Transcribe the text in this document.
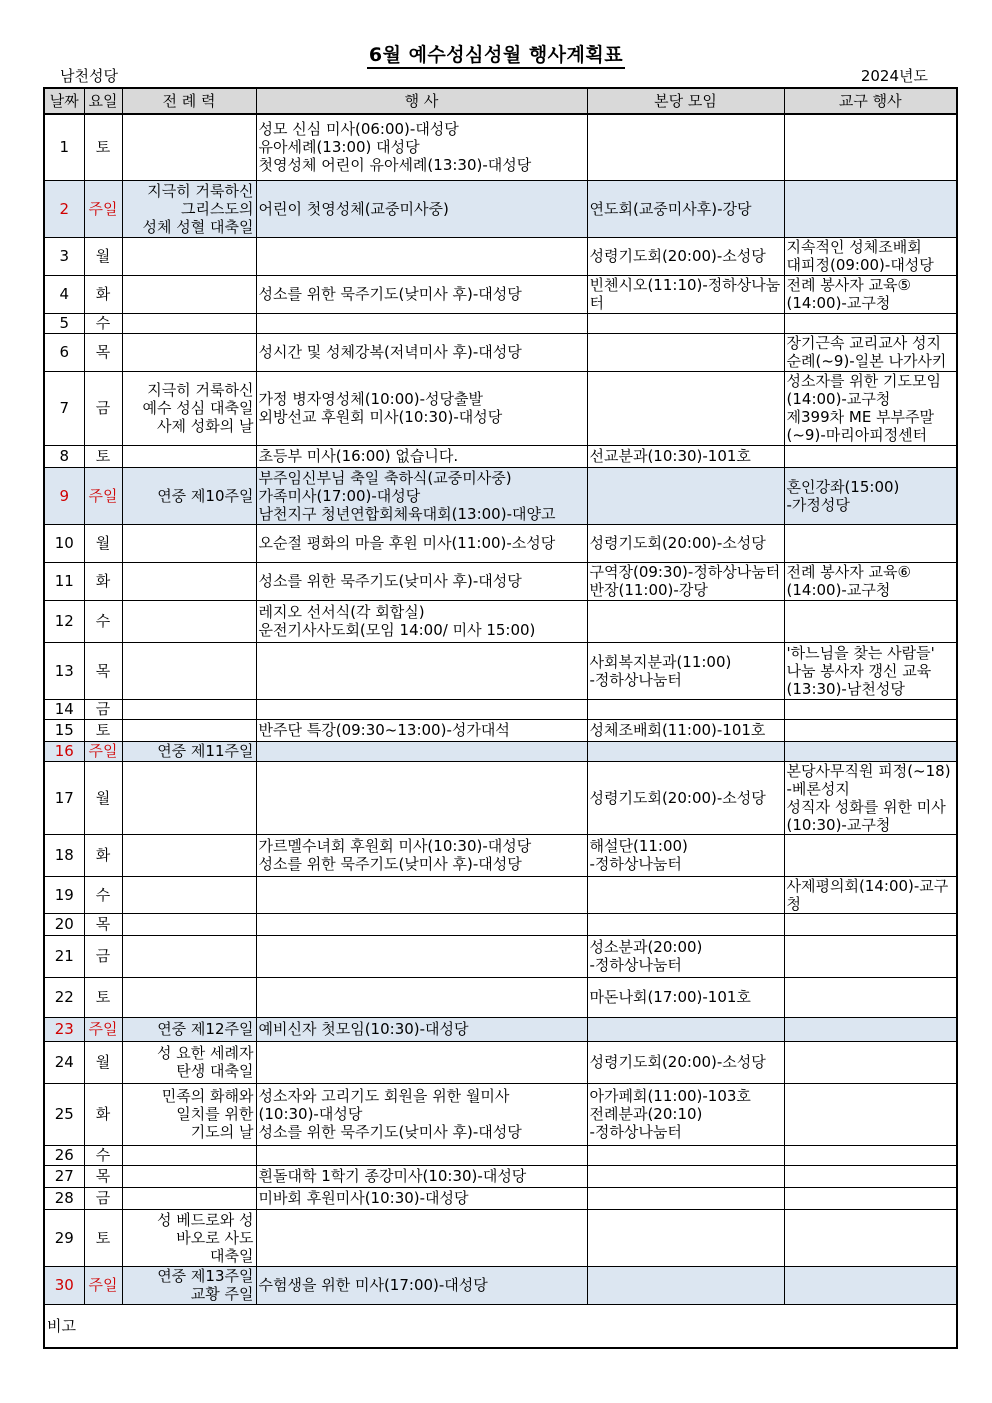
6월 예수성심성월 행사계획표
남천성당	2024년도
날짜	요일	전 례 력	행 사	본당 모임	교구 행사
1	토		성모 신심 미사(06:00)-대성당
유아세례(13:00) 대성당
첫영성체 어린이 유아세례(13:30)-대성당		
2	주일	지극히 거룩하신
그리스도의
성체 성혈 대축일	어린이 첫영성체(교중미사중)	연도회(교중미사후)-강당	
3	월			성령기도회(20:00)-소성당	지속적인 성체조배회
대피정(09:00)-대성당
4	화		성소를 위한 묵주기도(낮미사 후)-대성당	빈첸시오(11:10)-정하상나눔터	전례 봉사자 교육⑤
(14:00)-교구청
5	수				
6	목		성시간 및 성체강복(저녁미사 후)-대성당		장기근속 교리교사 성지
순례(~9)-일본 나가사키
7	금	지극히 거룩하신
예수 성심 대축일
사제 성화의 날	가정 병자영성체(10:00)-성당출발
외방선교 후원회 미사(10:30)-대성당		성소자를 위한 기도모임
(14:00)-교구청
제399차 ME 부부주말
(~9)-마리아피정센터
8	토		초등부 미사(16:00) 없습니다.	선교분과(10:30)-101호	
9	주일	연중 제10주일	부주임신부님 축일 축하식(교중미사중)
가족미사(17:00)-대성당
남천지구 청년연합회체육대회(13:00)-대양고		혼인강좌(15:00)
-가정성당
10	월		오순절 평화의 마을 후원 미사(11:00)-소성당	성령기도회(20:00)-소성당	
11	화		성소를 위한 묵주기도(낮미사 후)-대성당	구역장(09:30)-정하상나눔터
반장(11:00)-강당	전례 봉사자 교육⑥
(14:00)-교구청
12	수		레지오 선서식(각 회합실)
운전기사사도회(모임 14:00/ 미사 15:00)		
13	목			사회복지분과(11:00)
-정하상나눔터	'하느님을 찾는 사람들'
나눔 봉사자 갱신 교육
(13:30)-남천성당
14	금				
15	토		반주단 특강(09:30~13:00)-성가대석	성체조배회(11:00)-101호	
16	주일	연중 제11주일			
17	월			성령기도회(20:00)-소성당	본당사무직원 피정(~18)
-베론성지
성직자 성화를 위한 미사
(10:30)-교구청
18	화		가르멜수녀회 후원회 미사(10:30)-대성당
성소를 위한 묵주기도(낮미사 후)-대성당	해설단(11:00)
-정하상나눔터	
19	수				사제평의회(14:00)-교구청
20	목				
21	금			성소분과(20:00)
-정하상나눔터	
22	토			마돈나회(17:00)-101호	
23	주일	연중 제12주일	예비신자 첫모임(10:30)-대성당		
24	월	성 요한 세례자
탄생 대축일		성령기도회(20:00)-소성당	
25	화	민족의 화해와
일치를 위한
기도의 날	성소자와 고리기도 회원을 위한 월미사
(10:30)-대성당
성소를 위한 묵주기도(낮미사 후)-대성당	아가페회(11:00)-103호
전례분과(20:10)
-정하상나눔터	
26	수				
27	목		흰돌대학 1학기 종강미사(10:30)-대성당		
28	금		미바회 후원미사(10:30)-대성당		
29	토	성 베드로와 성
바오로 사도
대축일			
30	주일	연중 제13주일
교황 주일	수험생을 위한 미사(17:00)-대성당		
비고					
